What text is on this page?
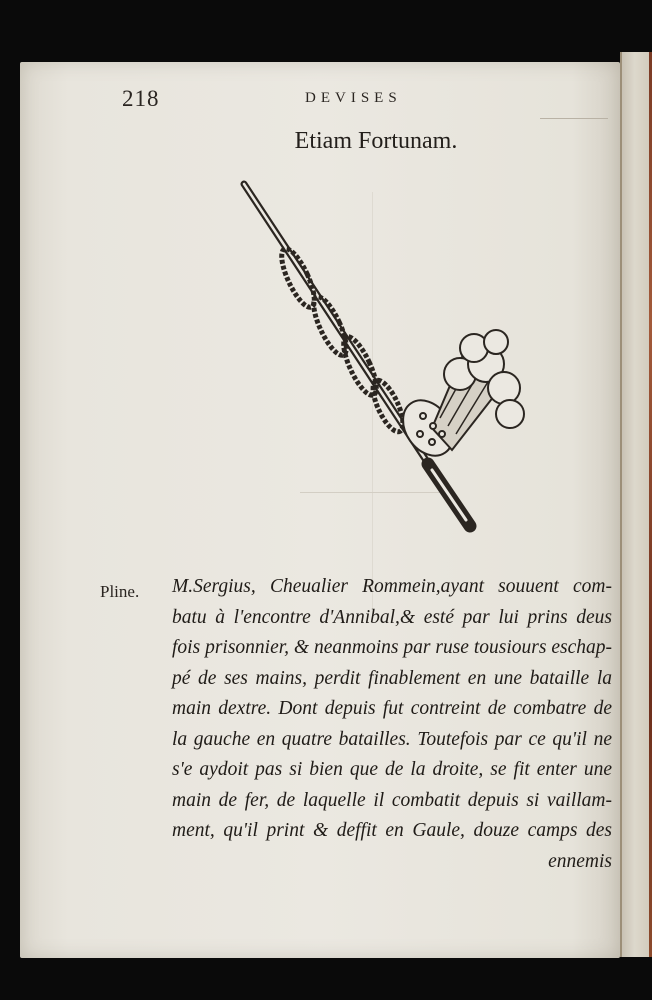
218	DEVISES
Etiam Fortunam.
Pline. M.Sergius, Cheualier Rommein,ayant souuent com-
batu à l'encontre d'Annibal,& esté par lui prins deus
fois prisonnier, & neanmoins par ruse tousiours eschap-
pé de ses mains, perdit finablement en une bataille la
main dextre. Dont depuis fut contreint de combatre de
la gauche en quatre batailles. Toutefois par ce qu'il ne
s'e aydoit pas si bien que de la droite, se fit enter une
main de fer, de laquelle il combatit depuis si vaillam-
ment, qu'il print & deffit en Gaule, douze camps des
ennemis
